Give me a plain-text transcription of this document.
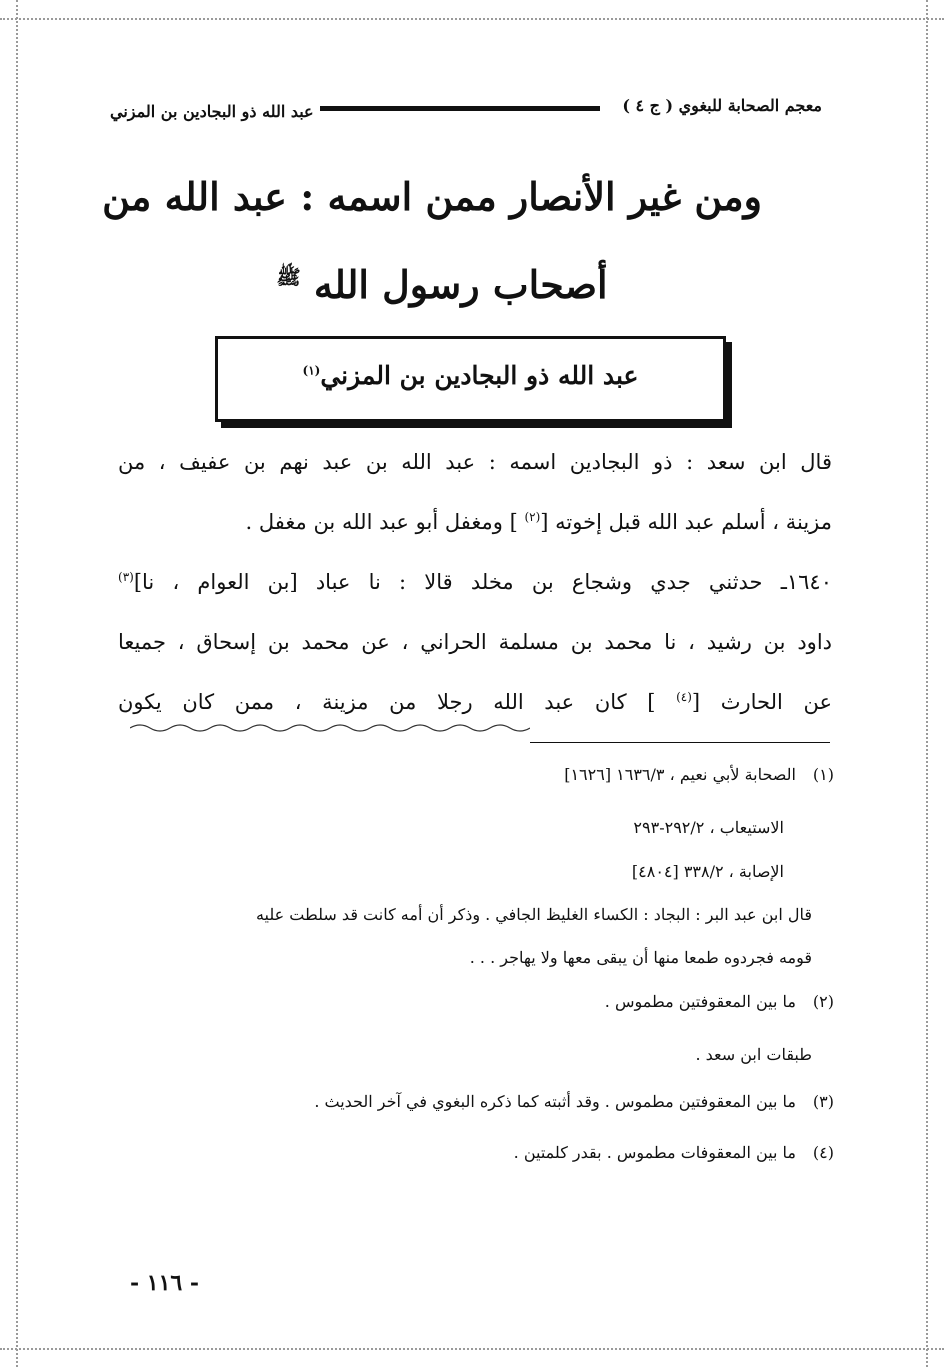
معجم الصحابة للبغوي ( ج ٤ )
عبد الله ذو البجادين بن المزني
ومن غير الأنصار ممن اسمه : عبد الله من
أصحاب رسول الله $^ﷺ$
عبد الله ذو البجادين بن المزني$^{(١)}$
قال ابن سعد : ذو البجادين اسمه : عبد الله بن عبد نهم بن عفيف ، من
مزينة ، أسلم عبد الله قبل إخوته [$^{(٢)}$ ] ومغفل أبو عبد الله بن مغفل .
١٦٤٠ـ حدثني جدي وشجاع بن مخلد قالا : نا عباد [بن العوام ، نا]$^{(٣)}$
داود بن رشيد ، نا محمد بن مسلمة الحراني ، عن محمد بن إسحاق ، جميعا
عن الحارث [$^{(٤)}$ ] كان عبد الله رجلا من مزينة ، ممن كان يكون
(١)الصحابة لأبي نعيم ، ١٦٣٦/٣ [١٦٢٦]
الاستيعاب ، ٢٩٢/٢-٢٩٣
الإصابة ، ٣٣٨/٢ [٤٨٠٤]
قال ابن عبد البر : البجاد : الكساء الغليظ الجافي . وذكر أن أمه كانت قد سلطت عليه
قومه فجردوه طمعا منها أن يبقى معها ولا يهاجر . . .
(٢)ما بين المعقوفتين مطموس .
طبقات ابن سعد .
(٣)ما بين المعقوفتين مطموس . وقد أثبته كما ذكره البغوي في آخر الحديث .
(٤)ما بين المعقوفات مطموس . بقدر كلمتين .
- ١١٦ -
